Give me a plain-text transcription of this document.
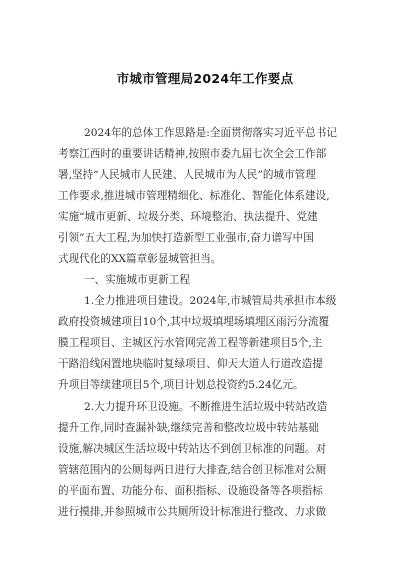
市城市管理局2024年工作要点
2024年的总体工作思路是:全面贯彻落实习近平总书记
考察江西时的重要讲话精神,按照市委九届七次全会工作部
署,坚持“人民城市人民建、人民城市为人民”的城市管理
工作要求,推进城市管理精细化、标准化、智能化体系建设,
实施“城市更新、垃圾分类、环境整治、执法提升、党建
引领”五大工程,为加快打造新型工业强市,奋力谱写中国
式现代化的XX篇章彰显城管担当。
一、实施城市更新工程
1.全力推进项目建设。2024年,市城管局共承担市本级
政府投资城建项目10个,其中垃圾填埋场填埋区雨污分流覆
膜工程项目、主城区污水管网完善工程等新建项目5个,主
干路沿线闲置地块临时复绿项目、仰天大道人行道改造提
升项目等续建项目5个,项目计划总投资约5.24亿元。
2.大力提升环卫设施。不断推进生活垃圾中转站改造
提升工作,同时查漏补缺,继续完善和整改垃圾中转站基础
设施,解决城区生活垃圾中转站达不到创卫标准的问题。对
管辖范围内的公厕每两日进行大排查,结合创卫标准对公厕
的平面布置、功能分布、面积指标、设施设备等各项指标
进行摸排,并参照城市公共厕所设计标准进行整改、力求做
